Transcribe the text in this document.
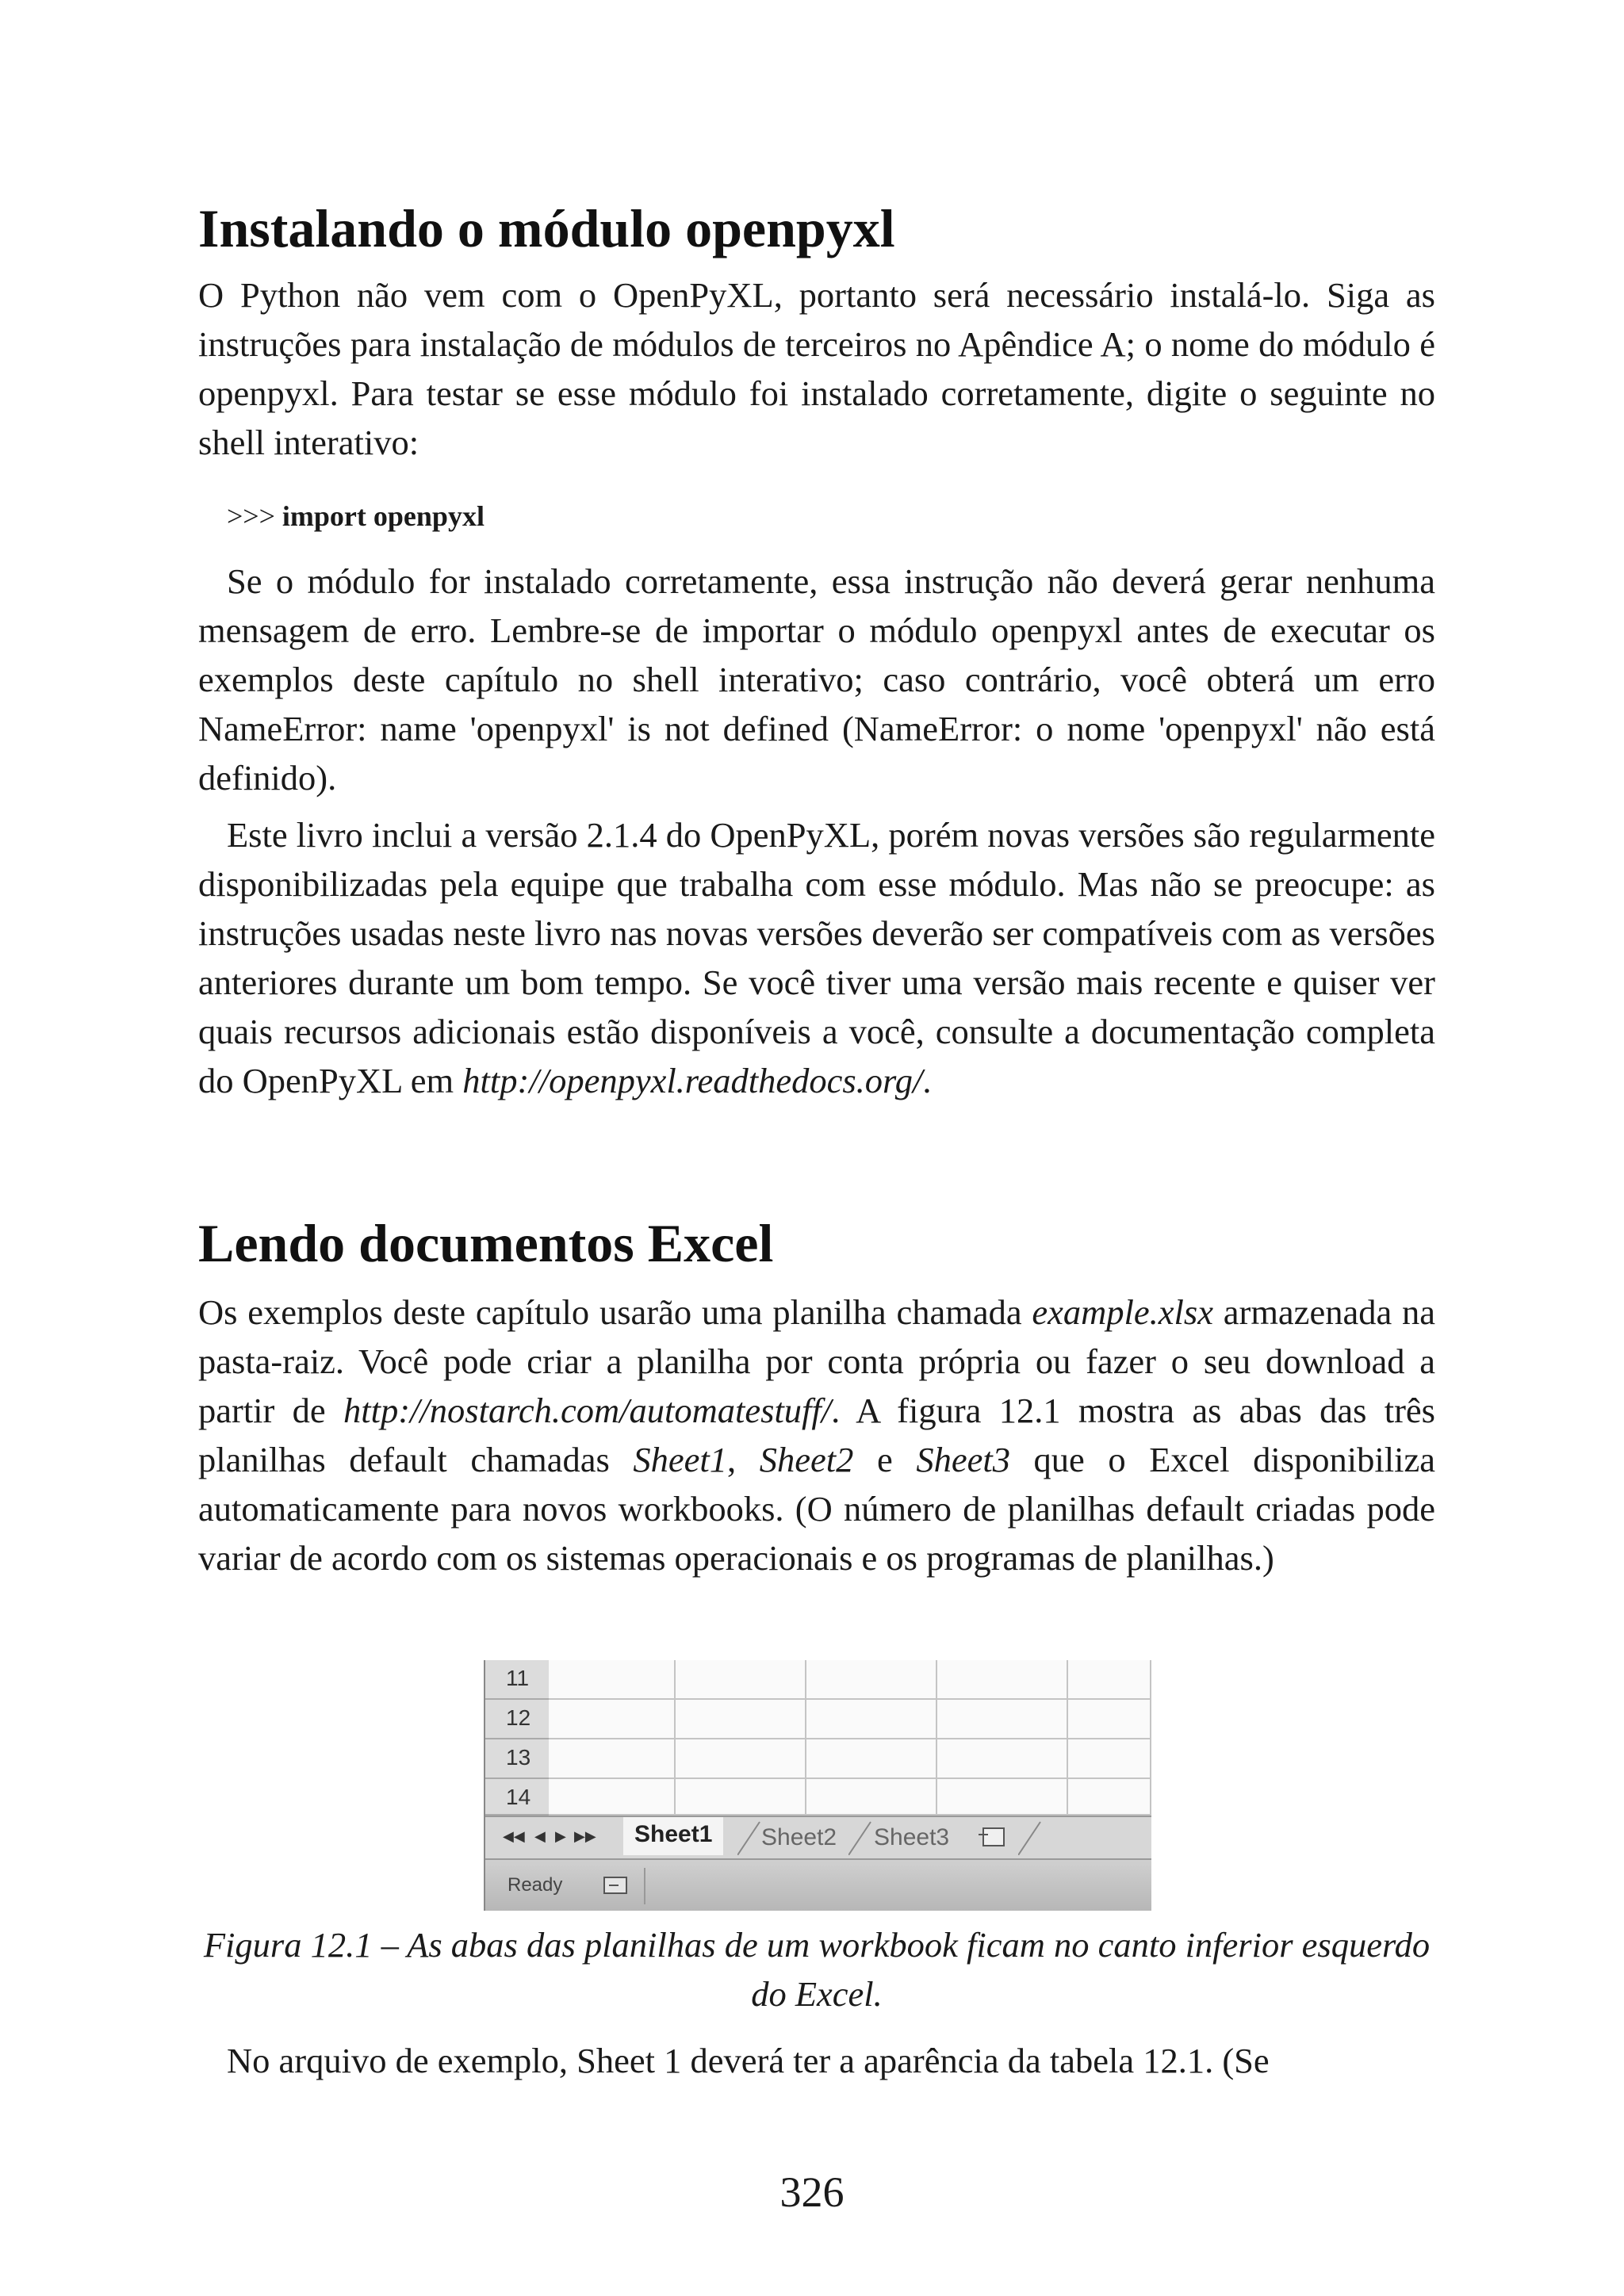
Instalando o módulo openpyxl

O Python não vem com o OpenPyXL, portanto será necessário instalá-lo. Siga as instruções para instalação de módulos de terceiros no Apêndice A; o nome do módulo é openpyxl. Para testar se esse módulo foi instalado corretamente, digite o seguinte no shell interativo:

>>> import openpyxl

Se o módulo for instalado corretamente, essa instrução não deverá gerar nenhuma mensagem de erro. Lembre-se de importar o módulo openpyxl antes de executar os exemplos deste capítulo no shell interativo; caso contrário, você obterá um erro NameError: name 'openpyxl' is not defined (NameError: o nome 'openpyxl' não está definido).

Este livro inclui a versão 2.1.4 do OpenPyXL, porém novas versões são regularmente disponibilizadas pela equipe que trabalha com esse módulo. Mas não se preocupe: as instruções usadas neste livro nas novas versões deverão ser compatíveis com as versões anteriores durante um bom tempo. Se você tiver uma versão mais recente e quiser ver quais recursos adicionais estão disponíveis a você, consulte a documentação completa do OpenPyXL em http://openpyxl.readthedocs.org/.

Lendo documentos Excel

Os exemplos deste capítulo usarão uma planilha chamada example.xlsx armazenada na pasta-raiz. Você pode criar a planilha por conta própria ou fazer o seu download a partir de http://nostarch.com/automatestuff/. A figura 12.1 mostra as abas das três planilhas default chamadas Sheet1, Sheet2 e Sheet3 que o Excel disponibiliza automaticamente para novos workbooks. (O número de planilhas default criadas pode variar de acordo com os sistemas operacionais e os programas de planilhas.)

11
12
13
14
◀◀ ◀ ▶ ▶▶	Sheet1	Sheet2 Sheet3
Ready
Figura 12.1 – As abas das planilhas de um workbook ficam no canto inferior esquerdo do Excel.

No arquivo de exemplo, Sheet 1 deverá ter a aparência da tabela 12.1. (Se

326
